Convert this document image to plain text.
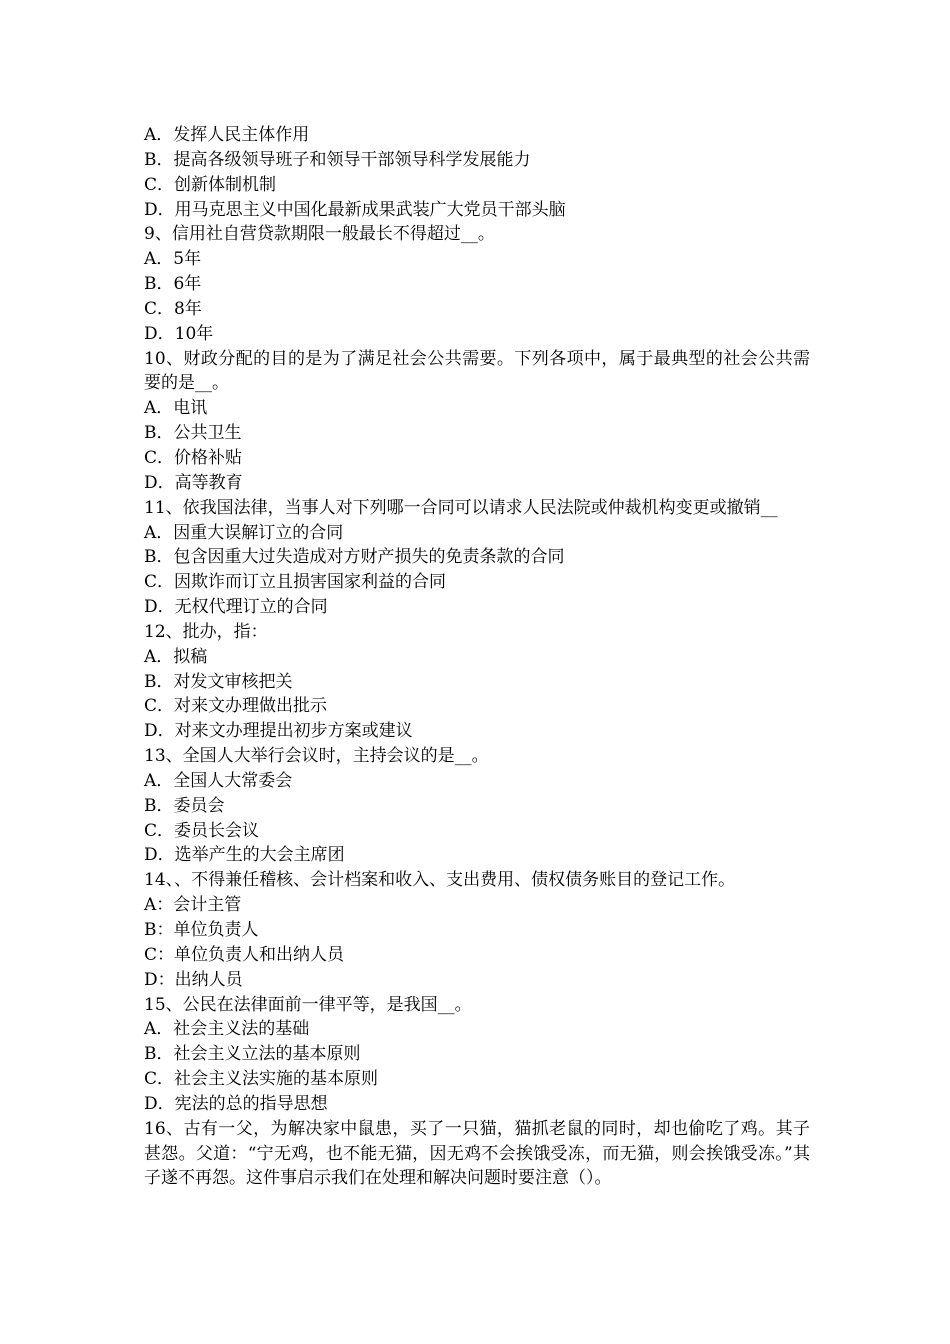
A．发挥人民主体作用
B．提高各级领导班子和领导干部领导科学发展能力
C．创新体制机制
D．用马克思主义中国化最新成果武装广大党员干部头脑
9、信用社自营贷款期限一般最长不得超过__。
A．5年
B．6年
C．8年
D．10年
10、财政分配的目的是为了满足社会公共需要。下列各项中，属于最典型的社会公共需要的是__。
A．电讯
B．公共卫生
C．价格补贴
D．高等教育
11、依我国法律，当事人对下列哪一合同可以请求人民法院或仲裁机构变更或撤销__
A．因重大误解订立的合同
B．包含因重大过失造成对方财产损失的免责条款的合同
C．因欺诈而订立且损害国家利益的合同
D．无权代理订立的合同
12、批办，指：
A．拟稿
B．对发文审核把关
C．对来文办理做出批示
D．对来文办理提出初步方案或建议
13、全国人大举行会议时，主持会议的是__。
A．全国人大常委会
B．委员会
C．委员长会议
D．选举产生的大会主席团
14、、不得兼任稽核、会计档案和收入、支出费用、债权债务账目的登记工作。
A：会计主管
B：单位负责人
C：单位负责人和出纳人员
D：出纳人员
15、公民在法律面前一律平等，是我国__。
A．社会主义法的基础
B．社会主义立法的基本原则
C．社会主义法实施的基本原则
D．宪法的总的指导思想
16、古有一父，为解决家中鼠患，买了一只猫，猫抓老鼠的同时，却也偷吃了鸡。其子甚怨。父道：“宁无鸡，也不能无猫，因无鸡不会挨饿受冻，而无猫，则会挨饿受冻。”其子遂不再怨。这件事启示我们在处理和解决问题时要注意（）。
